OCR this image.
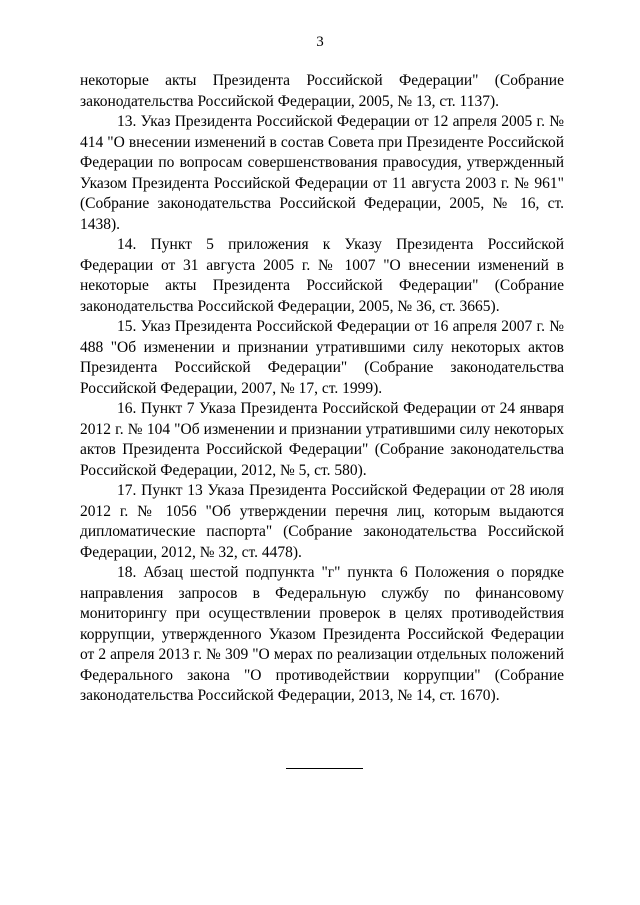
3

некоторые акты Президента Российской Федерации" (Собрание законодательства Российской Федерации, 2005, № 13, ст. 1137).

13. Указ Президента Российской Федерации от 12 апреля 2005 г. № 414 "О внесении изменений в состав Совета при Президенте Российской Федерации по вопросам совершенствования правосудия, утвержденный Указом Президента Российской Федерации от 11 августа 2003 г. № 961" (Собрание законодательства Российской Федерации, 2005, № 16, ст. 1438).

14. Пункт 5 приложения к Указу Президента Российской Федерации от 31 августа 2005 г. № 1007 "О внесении изменений в некоторые акты Президента Российской Федерации" (Собрание законодательства Российской Федерации, 2005, № 36, ст. 3665).

15. Указ Президента Российской Федерации от 16 апреля 2007 г. № 488 "Об изменении и признании утратившими силу некоторых актов Президента Российской Федерации" (Собрание законодательства Российской Федерации, 2007, № 17, ст. 1999).

16. Пункт 7 Указа Президента Российской Федерации от 24 января 2012 г. № 104 "Об изменении и признании утратившими силу некоторых актов Президента Российской Федерации" (Собрание законодательства Российской Федерации, 2012, № 5, ст. 580).

17. Пункт 13 Указа Президента Российской Федерации от 28 июля 2012 г. № 1056 "Об утверждении перечня лиц, которым выдаются дипломатические паспорта" (Собрание законодательства Российской Федерации, 2012, № 32, ст. 4478).

18. Абзац шестой подпункта "г" пункта 6 Положения о порядке направления запросов в Федеральную службу по финансовому мониторингу при осуществлении проверок в целях противодействия коррупции, утвержденного Указом Президента Российской Федерации от 2 апреля 2013 г. № 309 "О мерах по реализации отдельных положений Федерального закона "О противодействии коррупции" (Собрание законодательства Российской Федерации, 2013, № 14, ст. 1670).
